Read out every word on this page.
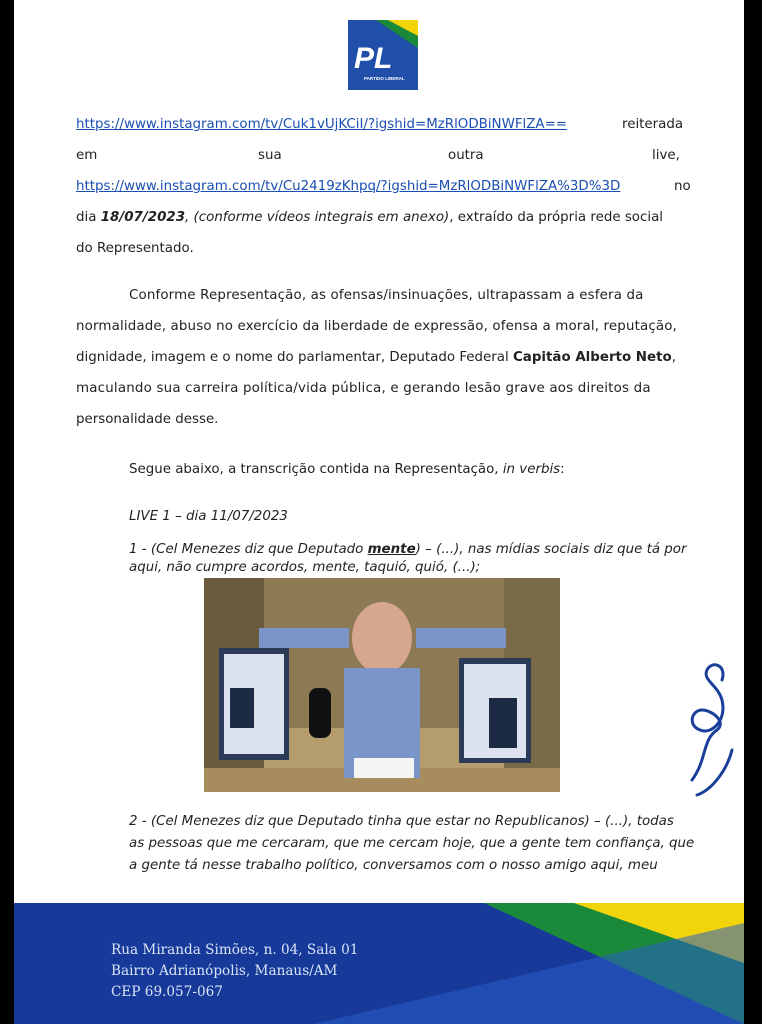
PL
PARTIDO LIBERAL
https://www.instagram.com/tv/Cuk1vUjKCiI/?igshid=MzRlODBiNWFlZA==	reiterada
em	sua	outra	live,
https://www.instagram.com/tv/Cu2419zKhpq/?igshid=MzRlODBiNWFlZA%3D%3D	no
dia 18/07/2023, (conforme vídeos integrais em anexo), extraído da própria rede social
do Representado.
Conforme Representação, as ofensas/insinuações, ultrapassam a esfera da
normalidade, abuso no exercício da liberdade de expressão, ofensa a moral, reputação,
dignidade, imagem e o nome do parlamentar, Deputado Federal Capitão Alberto Neto,
maculando sua carreira política/vida pública, e gerando lesão grave aos direitos da
personalidade desse.
Segue abaixo, a transcrição contida na Representação, in verbis:
LIVE 1 – dia 11/07/2023
1 - (Cel Menezes diz que Deputado mente) – (...), nas mídias sociais diz que tá por
aqui, não cumpre acordos, mente, taquió, quió, (...);
2 - (Cel Menezes diz que Deputado tinha que estar no Republicanos) – (...), todas
as pessoas que me cercaram, que me cercam hoje, que a gente tem confiança, que
a gente tá nesse trabalho político, conversamos com o nosso amigo aqui, meu
Rua Miranda Simões, n. 04, Sala 01
Bairro Adrianópolis, Manaus/AM
CEP 69.057-067
